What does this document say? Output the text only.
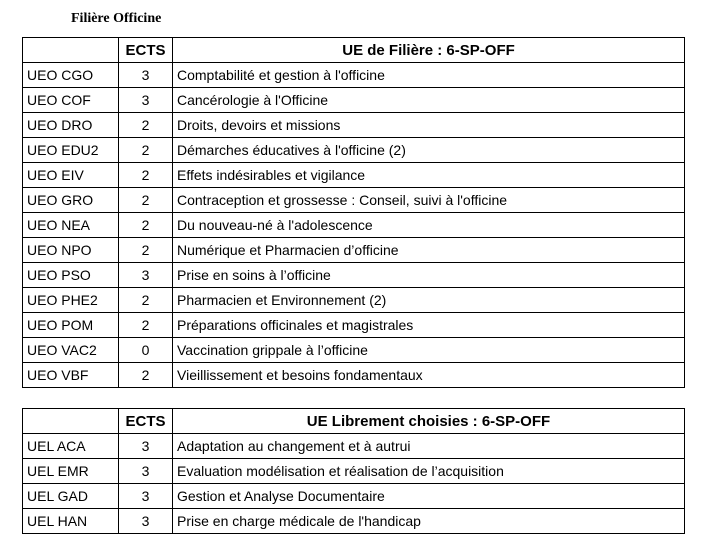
Filière Officine
	ECTS	UE de Filière : 6-SP-OFF
UEO CGO	3	Comptabilité et gestion à l'officine
UEO COF	3	Cancérologie à l'Officine
UEO DRO	2	Droits, devoirs et missions
UEO EDU2	2	Démarches éducatives à l'officine (2)
UEO EIV	2	Effets indésirables et vigilance
UEO GRO	2	Contraception et grossesse : Conseil, suivi à l'officine
UEO NEA	2	Du nouveau-né à l'adolescence
UEO NPO	2	Numérique et Pharmacien d’officine
UEO PSO	3	Prise en soins à l’officine
UEO PHE2	2	Pharmacien et Environnement (2)
UEO POM	2	Préparations officinales et magistrales
UEO VAC2	0	Vaccination grippale à l’officine
UEO VBF	2	Vieillissement et besoins fondamentaux
	ECTS	UE Librement choisies : 6-SP-OFF
UEL ACA	3	Adaptation au changement et à autrui
UEL EMR	3	Evaluation modélisation et réalisation de l’acquisition
UEL GAD	3	Gestion et Analyse Documentaire
UEL HAN	3	Prise en charge médicale de l'handicap
